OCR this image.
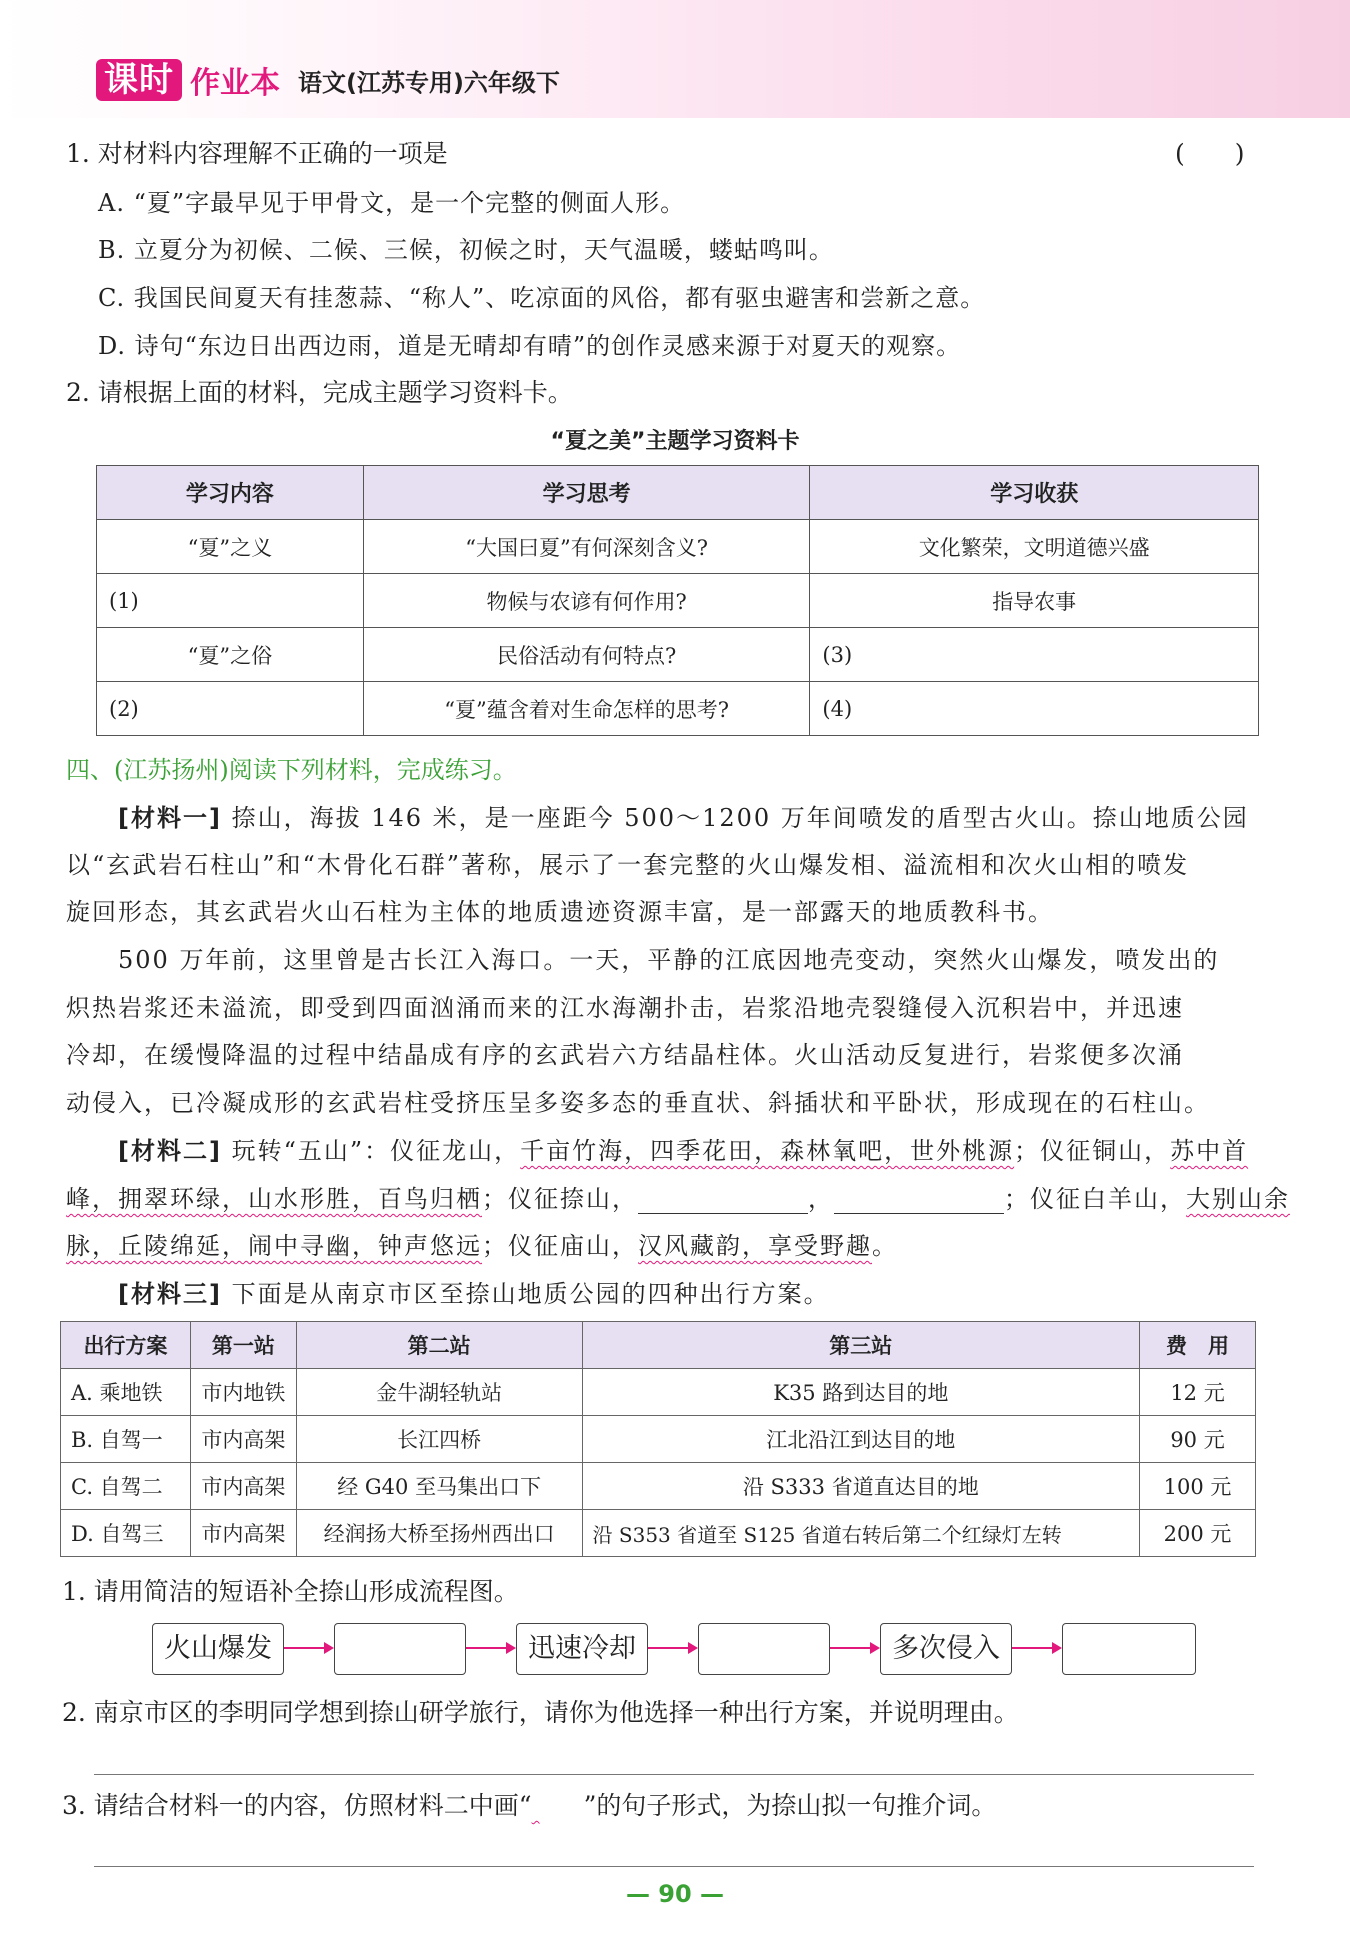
课时 作业本 语文(江苏专用)六年级下
1. 对材料内容理解不正确的一项是	(　　)
A. “夏”字最早见于甲骨文，是一个完整的侧面人形。
B. 立夏分为初候、二候、三候，初候之时，天气温暖，蝼蛄鸣叫。
C. 我国民间夏天有挂葱蒜、“称人”、吃凉面的风俗，都有驱虫避害和尝新之意。
D. 诗句“东边日出西边雨，道是无晴却有晴”的创作灵感来源于对夏天的观察。
2. 请根据上面的材料，完成主题学习资料卡。
“夏之美”主题学习资料卡
学习内容	学习思考	学习收获
“夏”之义	“大国曰夏”有何深刻含义?	文化繁荣，文明道德兴盛
(1)	物候与农谚有何作用?	指导农事
“夏”之俗	民俗活动有何特点?	(3)
(2)	“夏”蕴含着对生命怎样的思考?	(4)
四、(江苏扬州)阅读下列材料，完成练习。
[材料一] 捺山，海拔 146 米，是一座距今 500～1200 万年间喷发的盾型古火山。捺山地质公园
以“玄武岩石柱山”和“木骨化石群”著称，展示了一套完整的火山爆发相、溢流相和次火山相的喷发
旋回形态，其玄武岩火山石柱为主体的地质遗迹资源丰富，是一部露天的地质教科书。
500 万年前，这里曾是古长江入海口。一天，平静的江底因地壳变动，突然火山爆发，喷发出的
炽热岩浆还未溢流，即受到四面汹涌而来的江水海潮扑击，岩浆沿地壳裂缝侵入沉积岩中，并迅速
冷却，在缓慢降温的过程中结晶成有序的玄武岩六方结晶柱体。火山活动反复进行，岩浆便多次涌
动侵入，已冷凝成形的玄武岩柱受挤压呈多姿多态的垂直状、斜插状和平卧状，形成现在的石柱山。
[材料二] 玩转“五山”：仪征龙山，千亩竹海，四季花田，森林氧吧，世外桃源；仪征铜山，苏中首
峰，拥翠环绿，山水形胜，百鸟归栖；仪征捺山，	，	；仪征白羊山，大别山余
脉，丘陵绵延，闹中寻幽，钟声悠远；仪征庙山，汉风藏韵，享受野趣。
[材料三] 下面是从南京市区至捺山地质公园的四种出行方案。
出行方案	第一站	第二站	第三站	费　用
A. 乘地铁	市内地铁	金牛湖轻轨站	K35 路到达目的地	12 元
B. 自驾一	市内高架	长江四桥	江北沿江到达目的地	90 元
C. 自驾二	市内高架	经 G40 至马集出口下	沿 S333 省道直达目的地	100 元
D. 自驾三	市内高架	经润扬大桥至扬州西出口	沿 S353 省道至 S125 省道右转后第二个红绿灯左转	200 元
1. 请用简洁的短语补全捺山形成流程图。
火山爆发	迅速冷却	多次侵入
2. 南京市区的李明同学想到捺山研学旅行，请你为他选择一种出行方案，并说明理由。
3. 请结合材料一的内容，仿照材料二中画“ ”的句子形式，为捺山拟一句推介词。
— 90 —
